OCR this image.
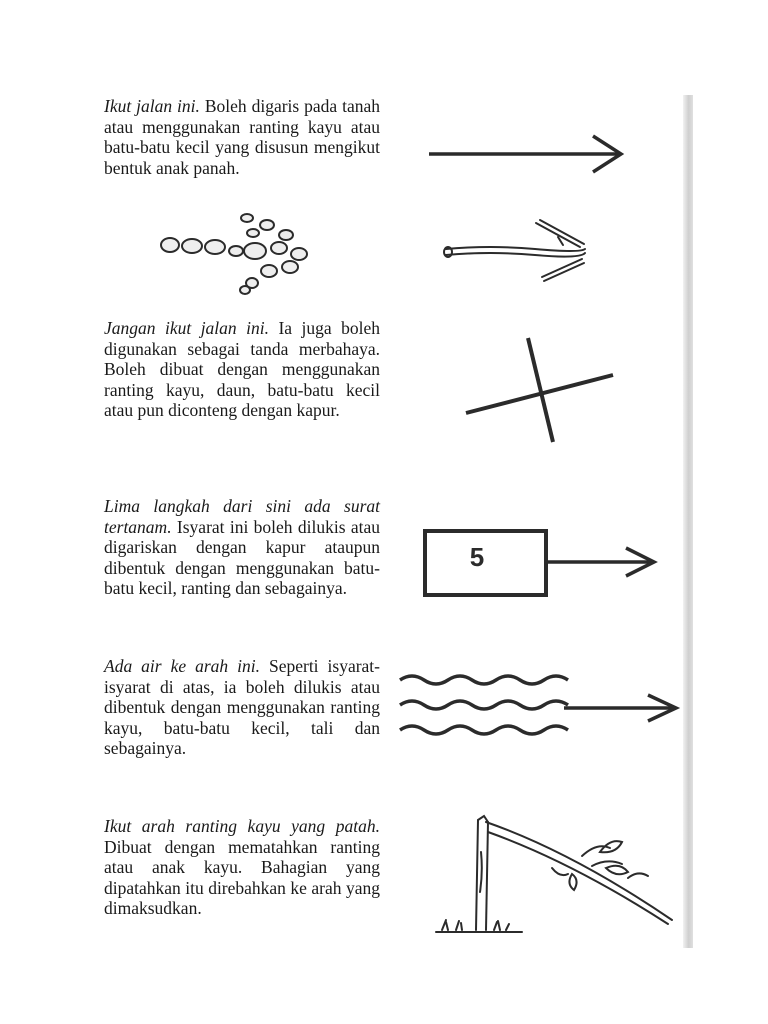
Ikut jalan ini. Boleh digaris pada tanah atau menggunakan ranting kayu atau batu-batu kecil yang disusun mengikut bentuk anak panah.

Jangan ikut jalan ini. Ia juga boleh digunakan sebagai tanda merbahaya. Boleh dibuat dengan menggunakan ranting kayu, daun, batu-batu kecil atau pun diconteng dengan kapur.

Lima langkah dari sini ada surat tertanam. Isyarat ini boleh dilukis atau digariskan dengan kapur ataupun dibentuk dengan menggunakan batu-batu kecil, ranting dan sebagainya.

5

Ada air ke arah ini. Seperti isyarat-isyarat di atas, ia boleh dilukis atau dibentuk dengan menggunakan ranting kayu, batu-batu kecil, tali dan sebagainya.

Ikut arah ranting kayu yang patah. Dibuat dengan mematahkan ranting atau anak kayu. Bahagian yang dipatahkan itu direbahkan ke arah yang dimaksudkan.
